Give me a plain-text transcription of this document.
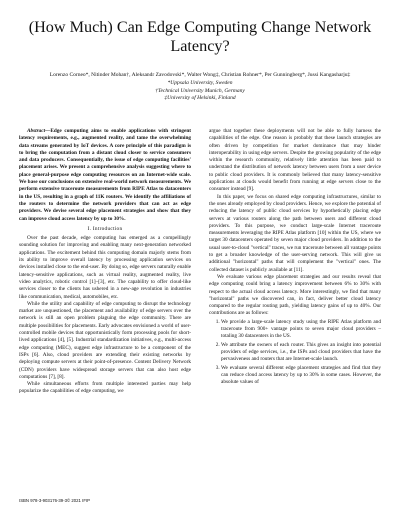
(How Much) Can Edge Computing Change Network Latency?
Lorenzo Corneo*, Nitinder Mohan†, Aleksandr Zavodovski*, Walter Wong‡, Christian Rohner*, Per Gunningberg*, Jussi Kangasharju‡
*Uppsala University, Sweden
†Technical University Munich, Germany
‡University of Helsinki, Finland

Abstract—Edge computing aims to enable applications with stringent latency requirements, e.g., augmented reality, and tame the overwhelming data streams generated by IoT devices. A core principle of this paradigm is to bring the computation from a distant cloud closer to service consumers and data producers. Consequentially, the issue of edge computing facilities' placement arises. We present a comprehensive analysis suggesting where to place general-purpose edge computing resources on an Internet-wide scale. We base our conclusions on extensive real-world network measurements. We perform extensive traceroute measurements from RIPE Atlas to datacenters in the US, resulting in a graph of 11K routers. We identify the affiliations of the routers to determine the network providers that can act as edge providers. We devise several edge placement strategies and show that they can improve cloud access latency by up to 30%.

I. Introduction

Over the past decade, edge computing has emerged as a compellingly sounding solution for improving and enabling many next-generation networked applications. The excitement behind this computing domain majorly stems from its ability to improve overall latency by processing application services on devices installed close to the end-user. By doing so, edge servers naturally enable latency-sensitive applications, such as virtual reality, augmented reality, live video analytics, robotic control [1]–[3], etc. The capability to offer cloud-like services closer to the clients has ushered in a new-age revolution in industries like communication, medical, automobiles, etc.

While the utility and capability of edge computing to disrupt the technology market are unquestioned, the placement and availability of edge servers over the network is still an open problem plaguing the edge community. There are multiple possibilities for placements. Early advocates envisioned a world of user-controlled mobile devices that opportunistically form processing pools for short-lived applications [4], [5]. Industrial standardization initiatives, e.g., multi-access edge computing (MEC), suggest edge infrastructure to be a component of the ISPs [6]. Also, cloud providers are extending their existing networks by deploying compute servers at their point-of-presence. Content Delivery Network (CDN) providers have widespread storage servers that can also host edge computations [7], [8].

While simultaneous efforts from multiple interested parties may help popularize the capabilities of edge computing, we

argue that together these deployments will not be able to fully harness the capabilities of the edge. One reason is probably that these launch strategies are often driven by competition for market dominance that may hinder interoperability in using edge servers. Despite the growing popularity of the edge within the research community, relatively little attention has been paid to understand the distribution of network latency between users from a user device to public cloud providers. It is commonly believed that many latency-sensitive applications at clouds would benefit from running at edge servers close to the consumer instead [9].

In this paper, we focus on shared edge computing infrastructures, similar to the ones already employed by cloud providers. Hence, we explore the potential of reducing the latency of public cloud services by hypothetically placing edge servers at various routers along the path between users and different cloud providers. To this purpose, we conduct large-scale Internet traceroute measurements leveraging the RIPE Atlas platform [10] within the US, where we target 30 datacenters operated by seven major cloud providers. In addition to the usual user-to-cloud "vertical" traces, we run traceroute between all vantage points to get a broader knowledge of the user-serving network. This will give us additional "horizontal" paths that will complement the "vertical" ones. The collected dataset is publicly available at [11].

We evaluate various edge placement strategies and our results reveal that edge computing could bring a latency improvement between 6% to 30% with respect to the actual cloud access latency. More interestingly, we find that many "horizontal" paths we discovered can, in fact, deliver better cloud latency compared to the regular routing path, yielding latency gains of up to 40%. Our contributions are as follows:

1. We provide a large-scale latency study using the RIPE Atlas platform and traceroute from 900+ vantage points to seven major cloud providers – totaling 30 datacenters in the US.
2. We attribute the owners of each router. This gives an insight into potential providers of edge services, i.e., the ISPs and cloud providers that have the pervasiveness and routers that are Internet-scale launch.
3. We evaluate several different edge placement strategies and find that they can reduce cloud access latency by up to 30% in some cases. However, the absolute values of
ISBN 978-3-903176-39-3© 2021 IFIP
